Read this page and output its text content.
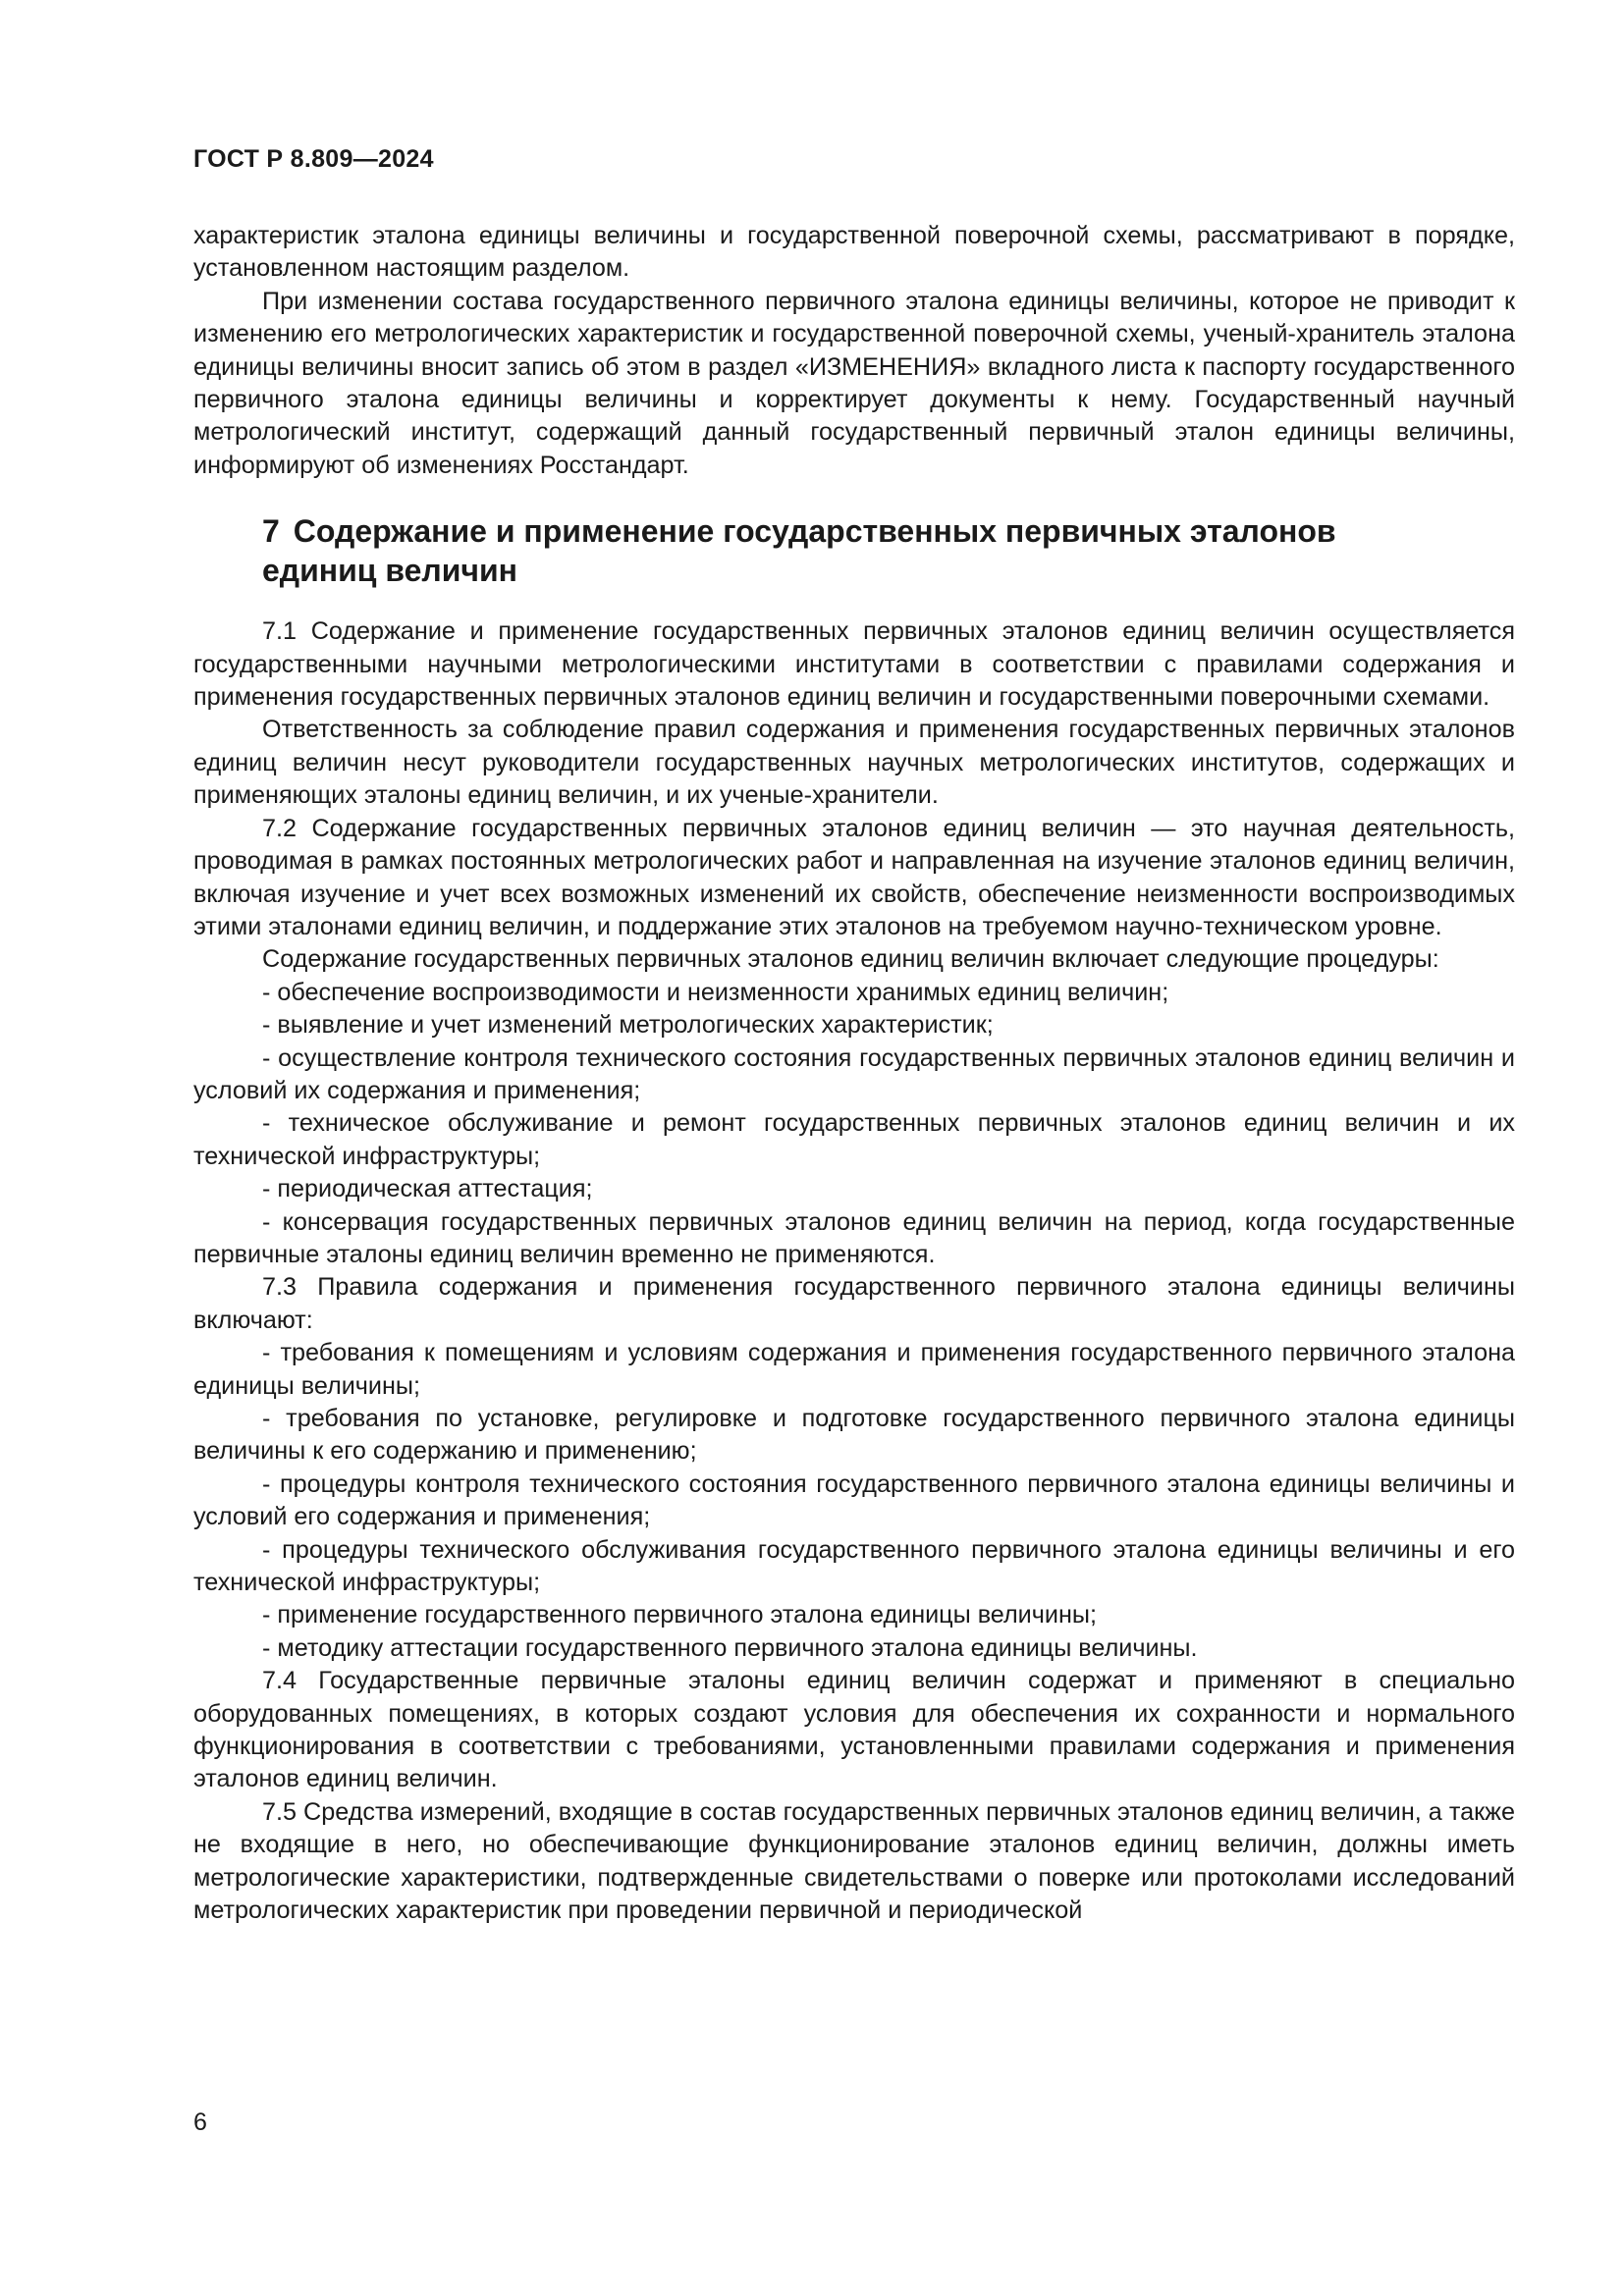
ГОСТ Р 8.809—2024

характеристик эталона единицы величины и государственной поверочной схемы, рассматривают в порядке, установленном настоящим разделом.

При изменении состава государственного первичного эталона единицы величины, которое не приводит к изменению его метрологических характеристик и государственной поверочной схемы, ученый-хранитель эталона единицы величины вносит запись об этом в раздел «ИЗМЕНЕНИЯ» вкладного листа к паспорту государственного первичного эталона единицы величины и корректирует документы к нему. Государственный научный метрологический институт, содержащий данный государственный первичный эталон единицы величины, информируют об изменениях Росстандарт.

7 Содержание и применение государственных первичных эталонов единиц величин

7.1 Содержание и применение государственных первичных эталонов единиц величин осуществляется государственными научными метрологическими институтами в соответствии с правилами содержания и применения государственных первичных эталонов единиц величин и государственными поверочными схемами.

Ответственность за соблюдение правил содержания и применения государственных первичных эталонов единиц величин несут руководители государственных научных метрологических институтов, содержащих и применяющих эталоны единиц величин, и их ученые-хранители.

7.2 Содержание государственных первичных эталонов единиц величин — это научная деятельность, проводимая в рамках постоянных метрологических работ и направленная на изучение эталонов единиц величин, включая изучение и учет всех возможных изменений их свойств, обеспечение неизменности воспроизводимых этими эталонами единиц величин, и поддержание этих эталонов на требуемом научно-техническом уровне.

Содержание государственных первичных эталонов единиц величин включает следующие процедуры:

- обеспечение воспроизводимости и неизменности хранимых единиц величин;

- выявление и учет изменений метрологических характеристик;

- осуществление контроля технического состояния государственных первичных эталонов единиц величин и условий их содержания и применения;

- техническое обслуживание и ремонт государственных первичных эталонов единиц величин и их технической инфраструктуры;

- периодическая аттестация;

- консервация государственных первичных эталонов единиц величин на период, когда государственные первичные эталоны единиц величин временно не применяются.

7.3 Правила содержания и применения государственного первичного эталона единицы величины включают:

- требования к помещениям и условиям содержания и применения государственного первичного эталона единицы величины;

- требования по установке, регулировке и подготовке государственного первичного эталона единицы величины к его содержанию и применению;

- процедуры контроля технического состояния государственного первичного эталона единицы величины и условий его содержания и применения;

- процедуры технического обслуживания государственного первичного эталона единицы величины и его технической инфраструктуры;

- применение государственного первичного эталона единицы величины;

- методику аттестации государственного первичного эталона единицы величины.

7.4 Государственные первичные эталоны единиц величин содержат и применяют в специально оборудованных помещениях, в которых создают условия для обеспечения их сохранности и нормального функционирования в соответствии с требованиями, установленными правилами содержания и применения эталонов единиц величин.

7.5 Средства измерений, входящие в состав государственных первичных эталонов единиц величин, а также не входящие в него, но обеспечивающие функционирование эталонов единиц величин, должны иметь метрологические характеристики, подтвержденные свидетельствами о поверке или протоколами исследований метрологических характеристик при проведении первичной и периодической

6
